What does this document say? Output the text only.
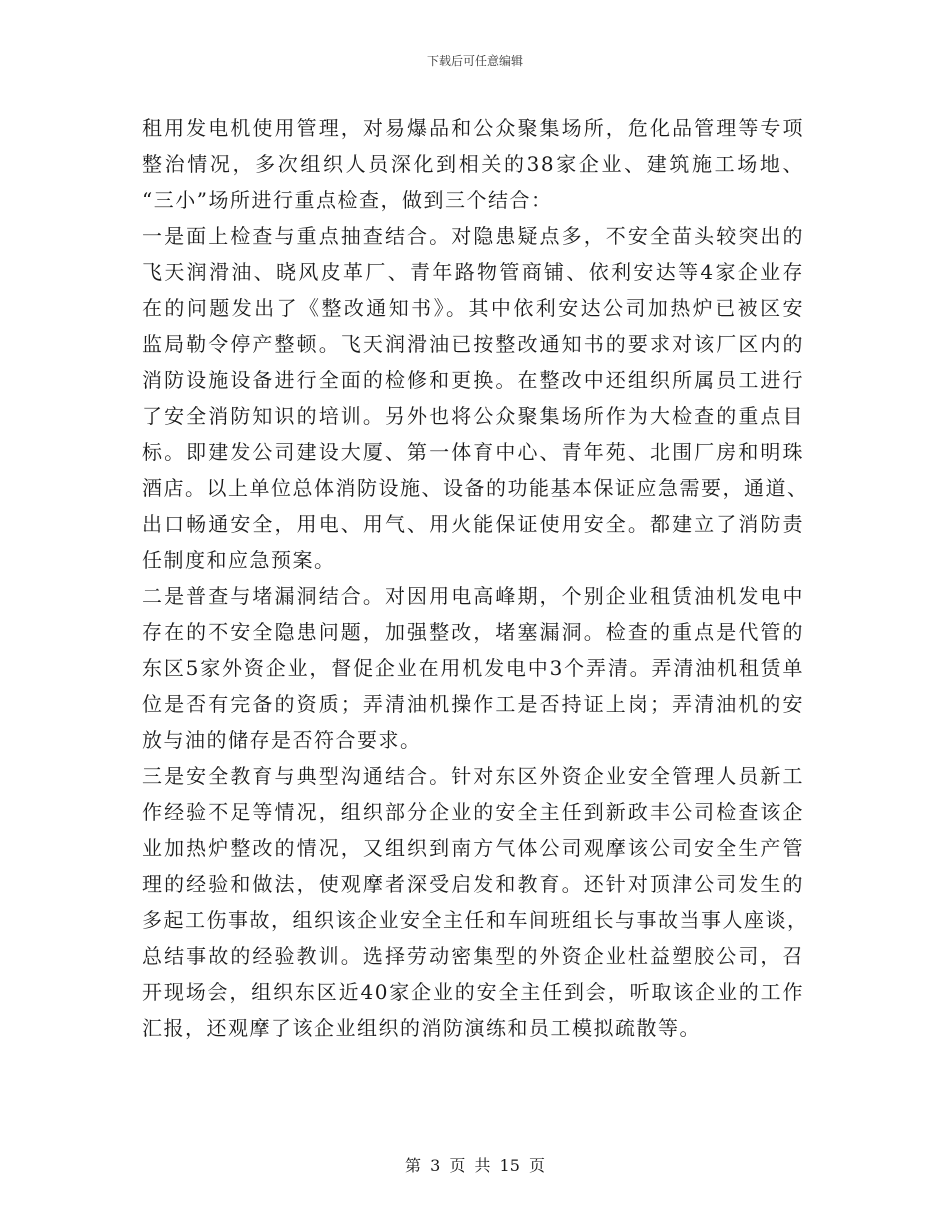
下载后可任意编辑
租用发电机使用管理，对易爆品和公众聚集场所，危化品管理等专项
整治情况，多次组织人员深化到相关的38家企业、建筑施工场地、
“三小”场所进行重点检查，做到三个结合：
一是面上检查与重点抽查结合。对隐患疑点多，不安全苗头较突出的
飞天润滑油、晓风皮革厂、青年路物管商铺、依利安达等4家企业存
在的问题发出了《整改通知书》。其中依利安达公司加热炉已被区安
监局勒令停产整顿。飞天润滑油已按整改通知书的要求对该厂区内的
消防设施设备进行全面的检修和更换。在整改中还组织所属员工进行
了安全消防知识的培训。另外也将公众聚集场所作为大检查的重点目
标。即建发公司建设大厦、第一体育中心、青年苑、北围厂房和明珠
酒店。以上单位总体消防设施、设备的功能基本保证应急需要，通道、
出口畅通安全，用电、用气、用火能保证使用安全。都建立了消防责
任制度和应急预案。
二是普查与堵漏洞结合。对因用电高峰期，个别企业租赁油机发电中
存在的不安全隐患问题，加强整改，堵塞漏洞。检查的重点是代管的
东区5家外资企业，督促企业在用机发电中3个弄清。弄清油机租赁单
位是否有完备的资质；弄清油机操作工是否持证上岗；弄清油机的安
放与油的储存是否符合要求。
三是安全教育与典型沟通结合。针对东区外资企业安全管理人员新工
作经验不足等情况，组织部分企业的安全主任到新政丰公司检查该企
业加热炉整改的情况，又组织到南方气体公司观摩该公司安全生产管
理的经验和做法，使观摩者深受启发和教育。还针对顶津公司发生的
多起工伤事故，组织该企业安全主任和车间班组长与事故当事人座谈，
总结事故的经验教训。选择劳动密集型的外资企业杜益塑胶公司，召
开现场会，组织东区近40家企业的安全主任到会，听取该企业的工作
汇报，还观摩了该企业组织的消防演练和员工模拟疏散等。
第 3 页 共 15 页
